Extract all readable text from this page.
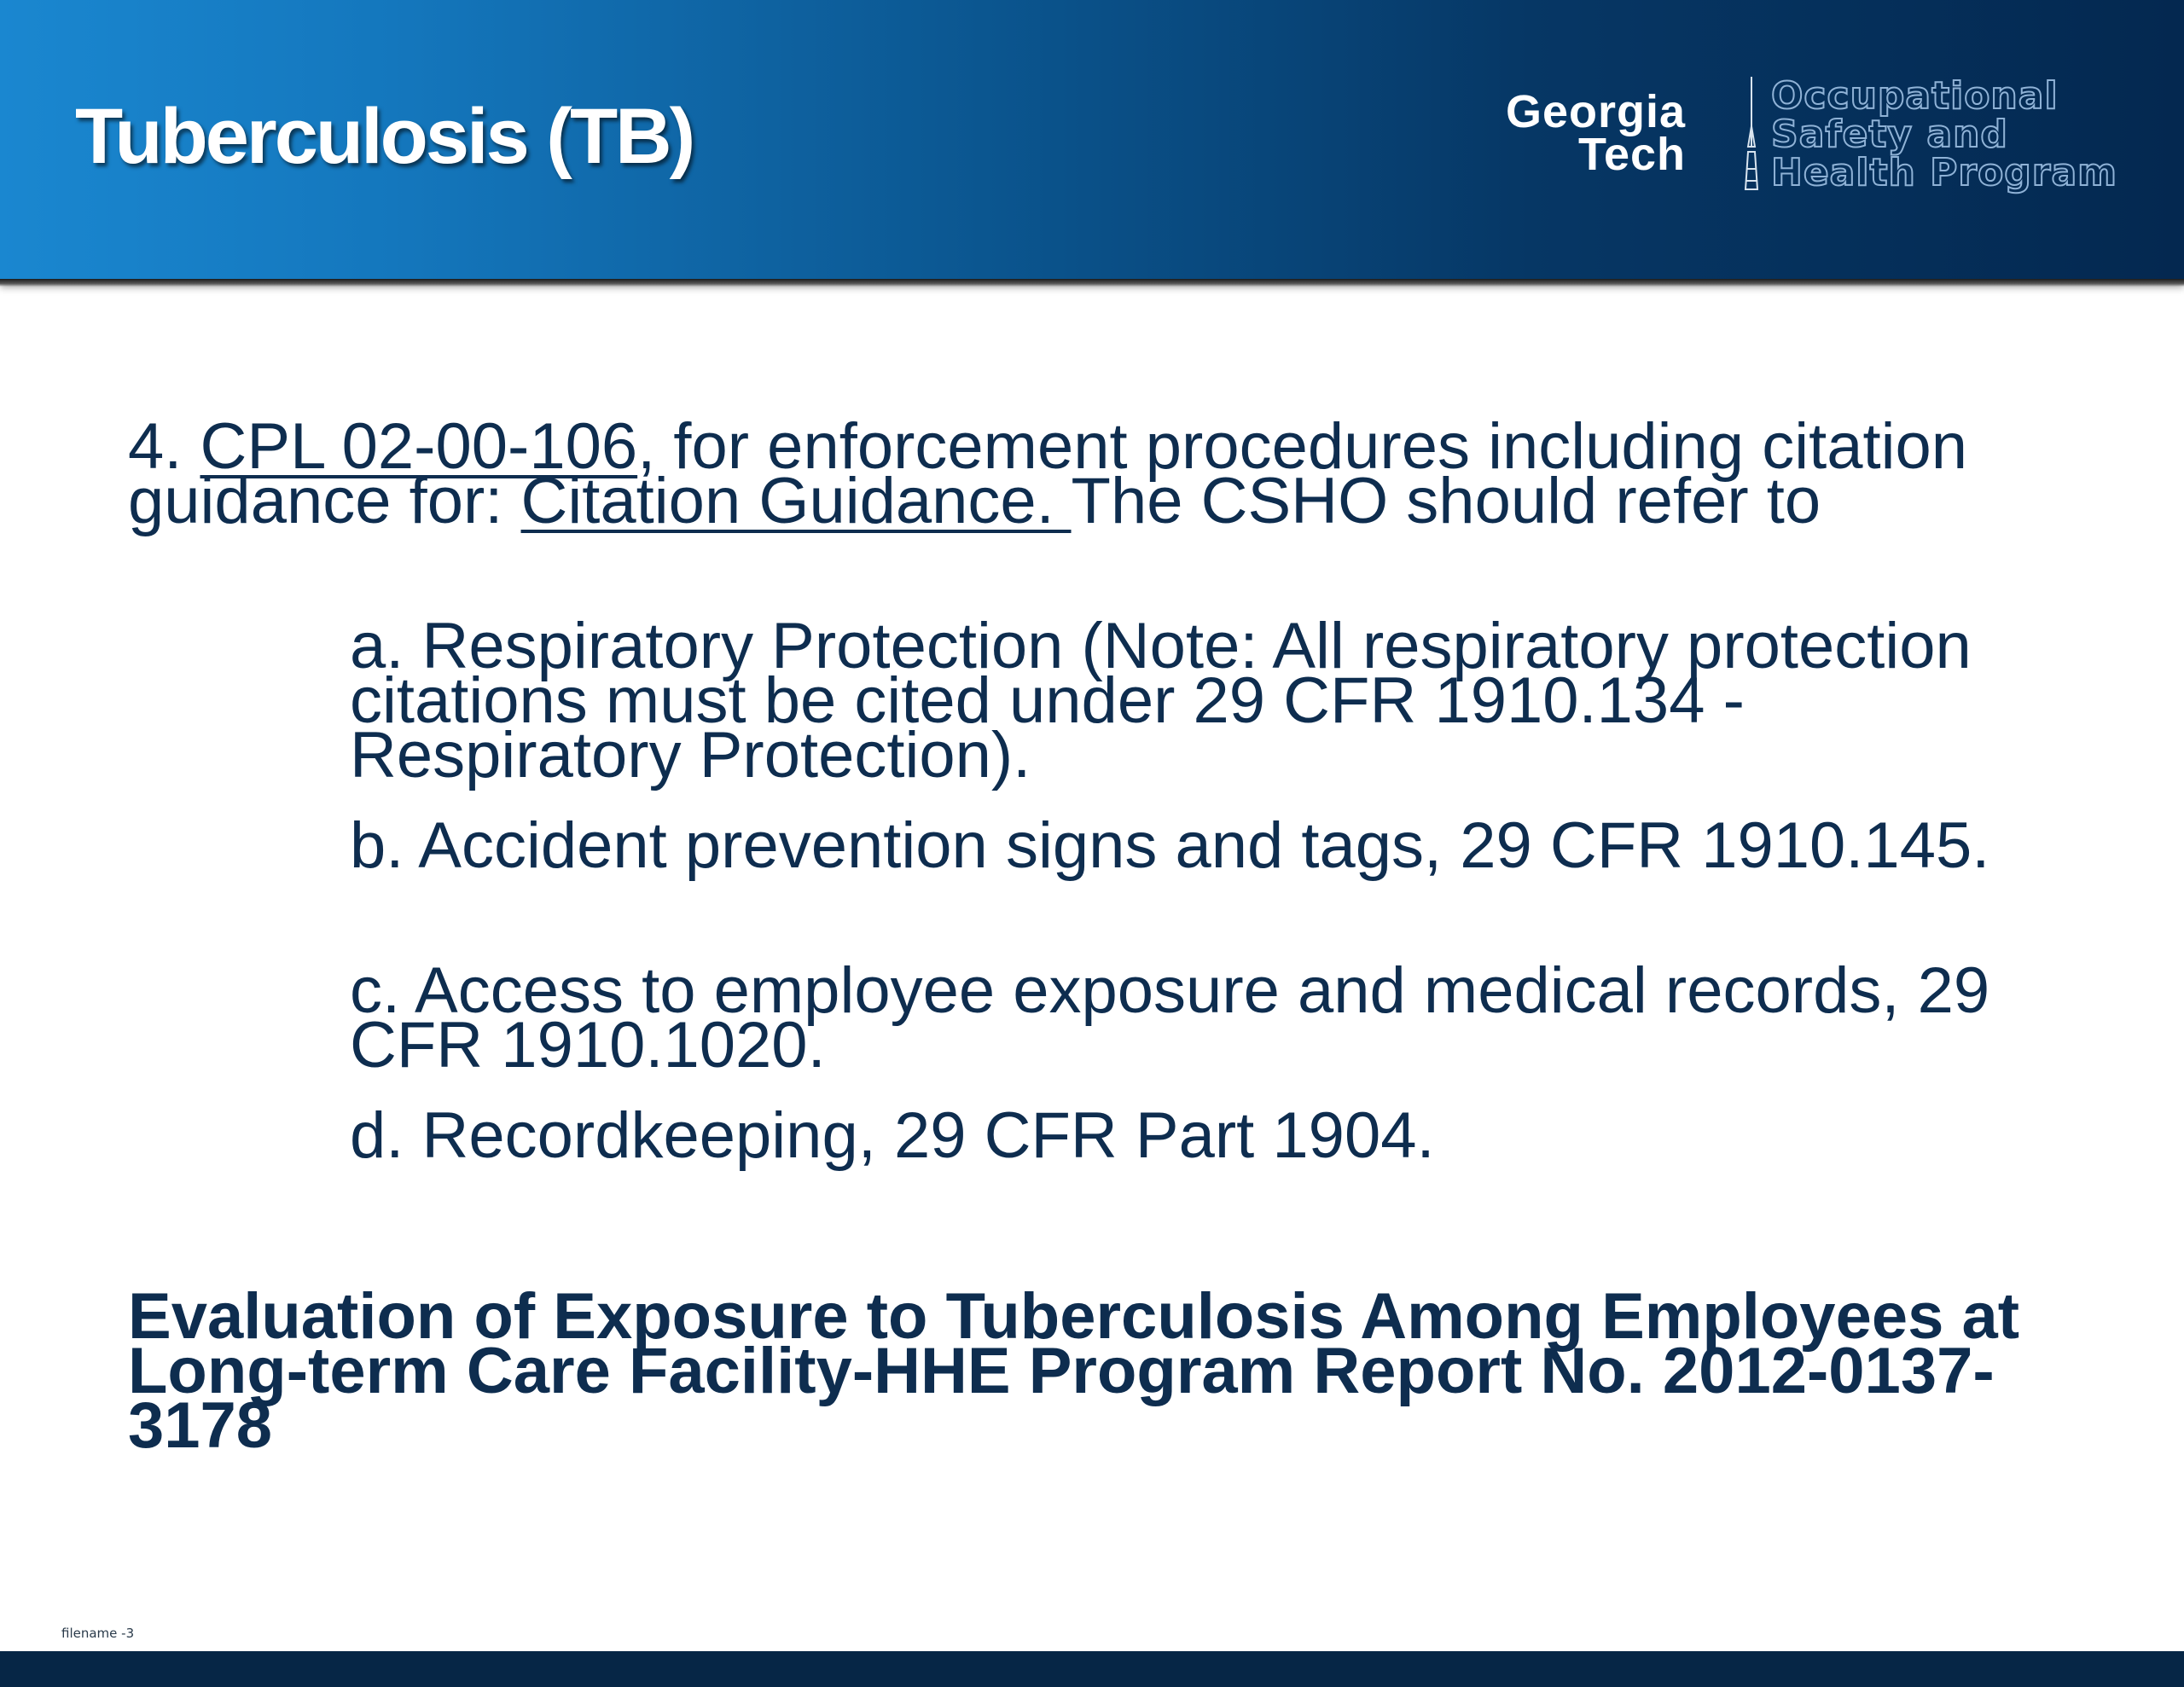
Tuberculosis (TB)	Georgia
Tech
Occupational
Safety and
Health Program

4. CPL 02-00-106, for enforcement procedures including citation guidance for: Citation Guidance. The CSHO should refer to

a. Respiratory Protection (Note: All respiratory protection citations must be cited under 29 CFR 1910.134 - Respiratory Protection).

b. Accident prevention signs and tags, 29 CFR 1910.145.

c. Access to employee exposure and medical records, 29 CFR 1910.1020.

d. Recordkeeping, 29 CFR Part 1904.

Evaluation of Exposure to Tuberculosis Among Employees at Long-term Care Facility-HHE Program Report No. 2012-0137-3178

filename -3
